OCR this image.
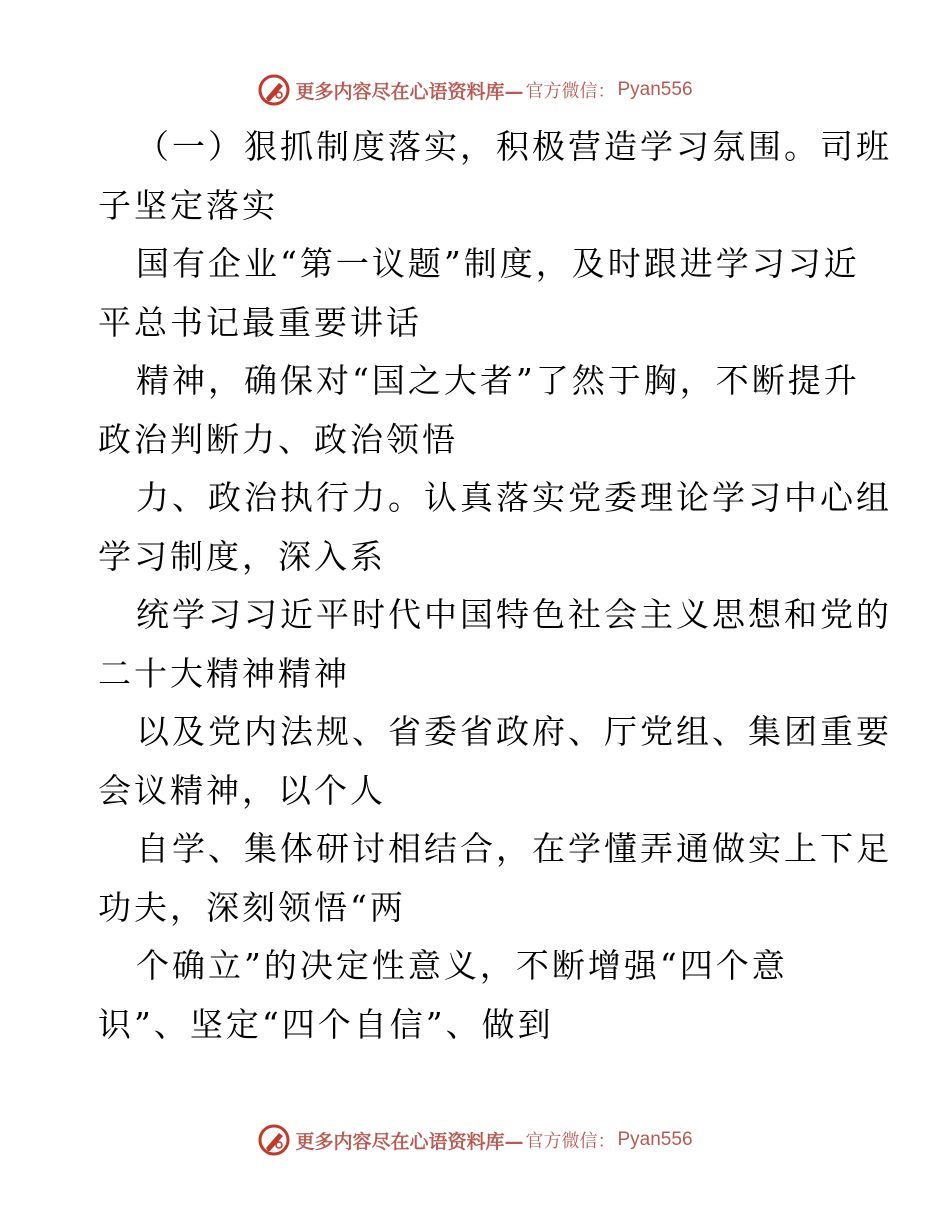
更多内容尽在心语资料库— 官方微信： Pyan556
（一）狠抓制度落实，积极营造学习氛围。司班
子坚定落实
国有企业“第一议题”制度，及时跟进学习习近
平总书记最重要讲话
精神，确保对“国之大者”了然于胸，不断提升
政治判断力、政治领悟
力、政治执行力。认真落实党委理论学习中心组
学习制度，深入系
统学习习近平时代中国特色社会主义思想和党的
二十大精神精神
以及党内法规、省委省政府、厅党组、集团重要
会议精神，以个人
自学、集体研讨相结合，在学懂弄通做实上下足
功夫，深刻领悟“两
个确立”的决定性意义，不断增强“四个意
识”、坚定“四个自信”、做到
更多内容尽在心语资料库— 官方微信： Pyan556
